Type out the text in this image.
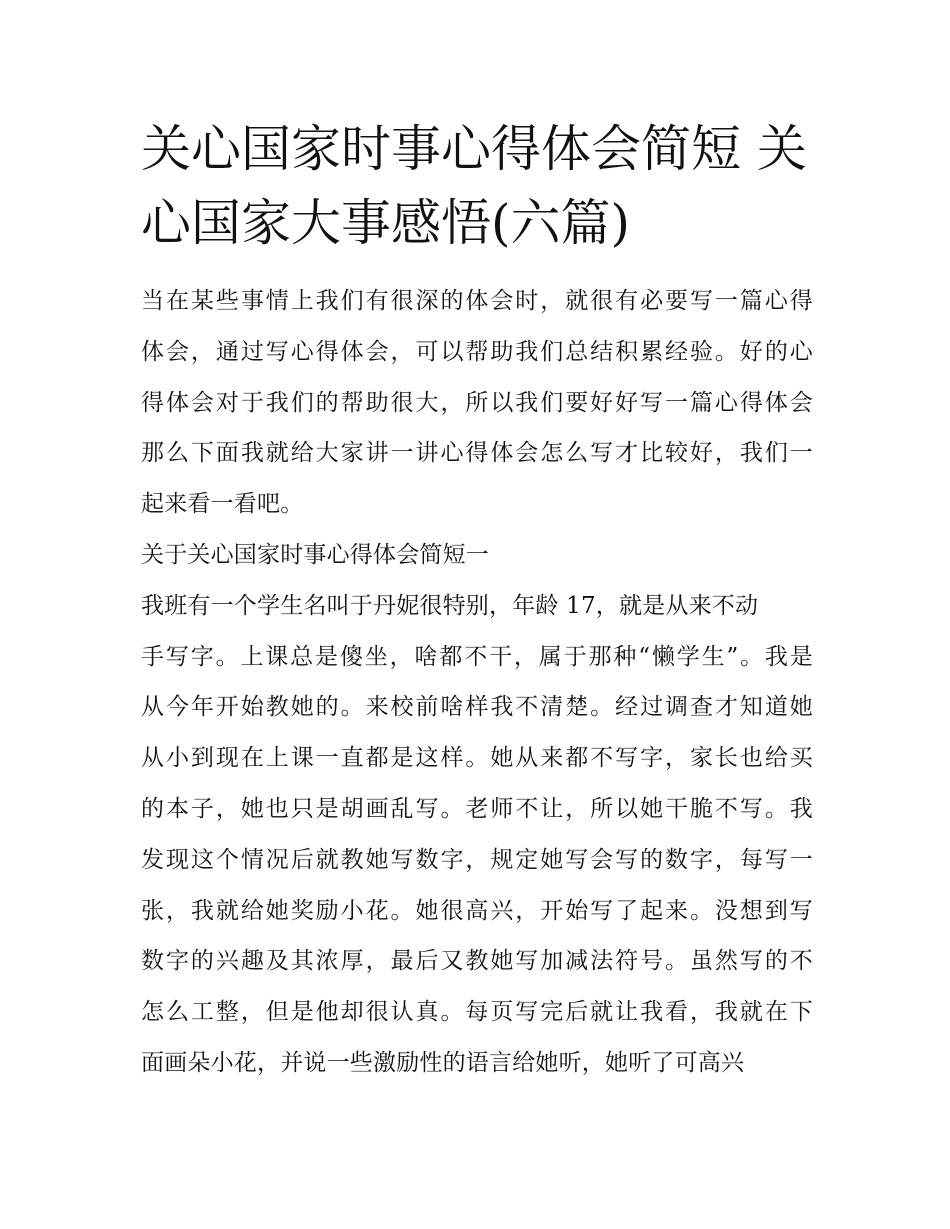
关心国家时事心得体会简短 关
心国家大事感悟(六篇)
当在某些事情上我们有很深的体会时，就很有必要写一篇心得
体会，通过写心得体会，可以帮助我们总结积累经验。好的心
得体会对于我们的帮助很大，所以我们要好好写一篇心得体会
那么下面我就给大家讲一讲心得体会怎么写才比较好，我们一
起来看一看吧。
关于关心国家时事心得体会简短一
我班有一个学生名叫于丹妮很特别，年龄 17，就是从来不动
手写字。上课总是傻坐，啥都不干，属于那种“懒学生”。我是
从今年开始教她的。来校前啥样我不清楚。经过调查才知道她
从小到现在上课一直都是这样。她从来都不写字，家长也给买
的本子，她也只是胡画乱写。老师不让，所以她干脆不写。我
发现这个情况后就教她写数字，规定她写会写的数字，每写一
张，我就给她奖励小花。她很高兴，开始写了起来。没想到写
数字的兴趣及其浓厚，最后又教她写加减法符号。虽然写的不
怎么工整，但是他却很认真。每页写完后就让我看，我就在下
面画朵小花，并说一些激励性的语言给她听，她听了可高兴
